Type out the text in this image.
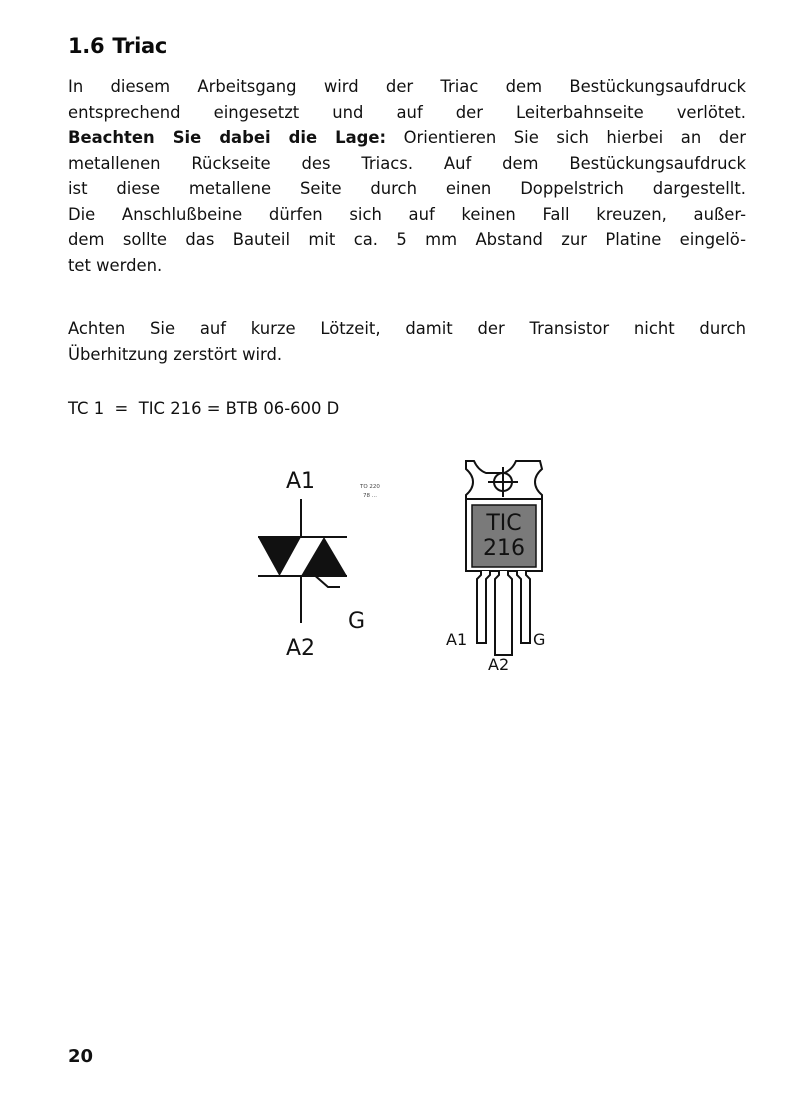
1.6 Triac
In diesem Arbeitsgang wird der Triac dem Bestückungsaufdruck
entsprechend eingesetzt und auf der Leiterbahnseite verlötet.
Beachten Sie dabei die Lage: Orientieren Sie sich hierbei an der
metallenen Rückseite des Triacs. Auf dem Bestückungsaufdruck
ist diese metallene Seite durch einen Doppelstrich dargestellt.
Die Anschlußbeine dürfen sich auf keinen Fall kreuzen, außer-
dem sollte das Bauteil mit ca. 5 mm Abstand zur Platine eingelö-
tet werden.
Achten Sie auf kurze Lötzeit, damit der Transistor nicht durch
Überhitzung zerstört wird.
TC 1  =  TIC 216 = BTB 06-600 D
A1
G
A2
TO 220
78 ...
TIC
216
A1	G
A2
20
